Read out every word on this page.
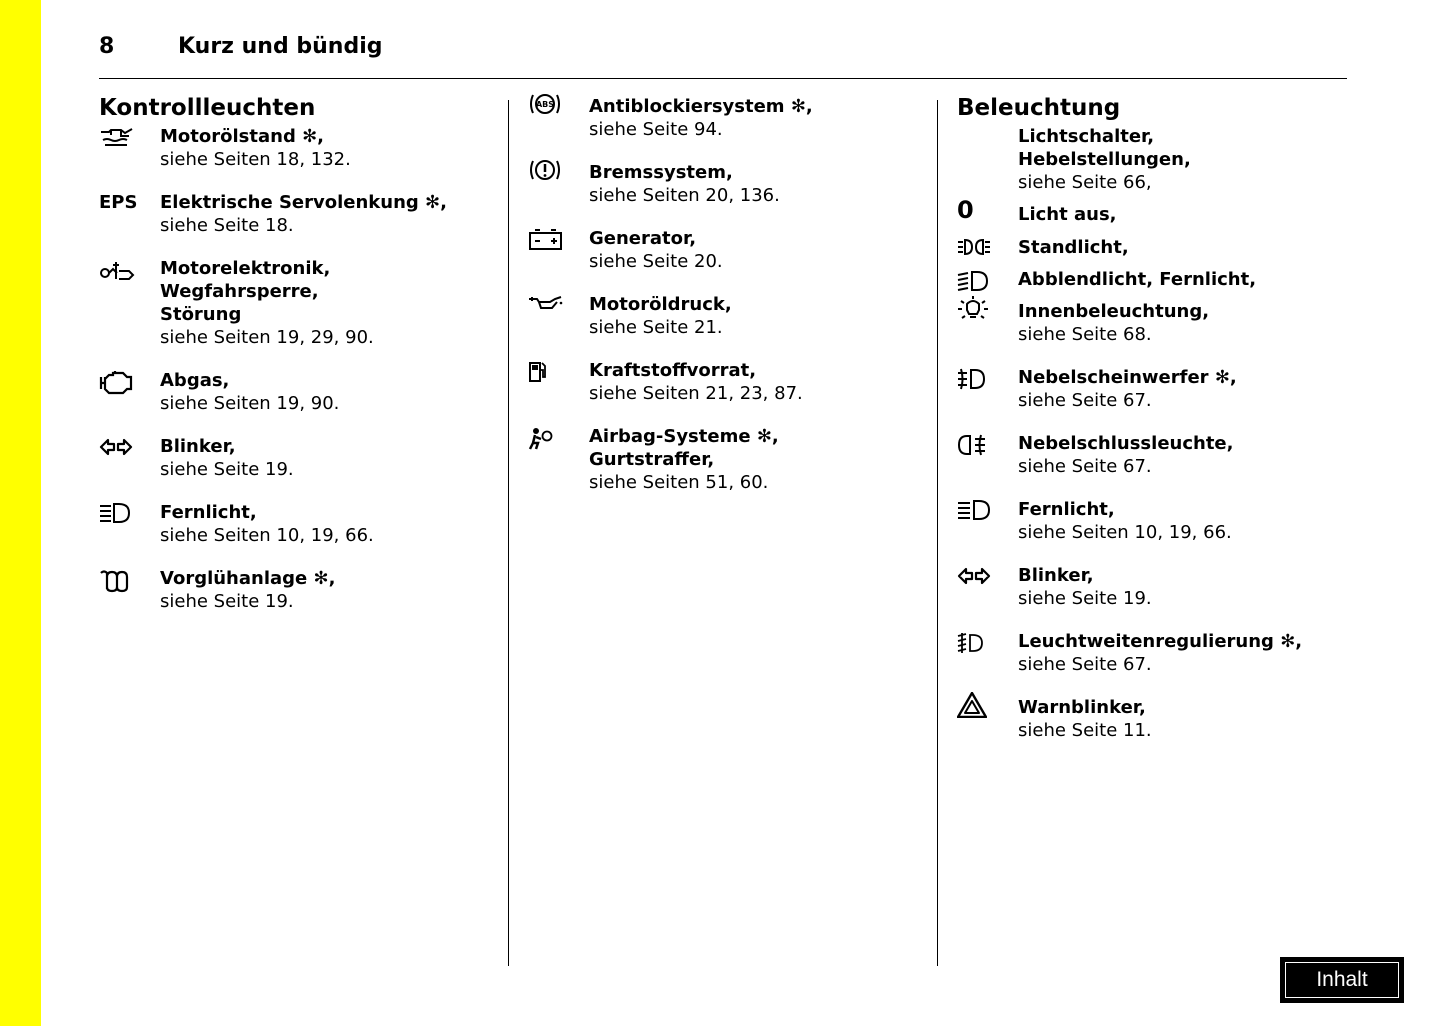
8	Kurz und bündig
Kontrollleuchten
Motorölstand ✻,
siehe Seiten 18, 132.
EPS Elektrische Servolenkung ✻,
siehe Seite 18.
Motorelektronik,
Wegfahrsperre,
Störung
siehe Seiten 19, 29, 90.
Abgas,
siehe Seiten 19, 90.
Blinker,
siehe Seite 19.
Fernlicht,
siehe Seiten 10, 19, 66.
Vorglühanlage ✻,
siehe Seite 19.
ABS Antiblockiersystem ✻,
siehe Seite 94.
Bremssystem,
siehe Seiten 20, 136.
Generator,
siehe Seite 20.
Motoröldruck,
siehe Seite 21.
Kraftstoffvorrat,
siehe Seiten 21, 23, 87.
Airbag-Systeme ✻,
Gurtstraffer,
siehe Seiten 51, 60.
Beleuchtung
Lichtschalter,
Hebelstellungen,
siehe Seite 66,
0 Licht aus,
Standlicht,
Abblendlicht, Fernlicht,
Innenbeleuchtung,
siehe Seite 68.
Nebelscheinwerfer ✻,
siehe Seite 67.
Nebelschlussleuchte,
siehe Seite 67.
Fernlicht,
siehe Seiten 10, 19, 66.
Blinker,
siehe Seite 19.
Leuchtweitenregulierung ✻,
siehe Seite 67.
Warnblinker,
siehe Seite 11.
Inhalt
